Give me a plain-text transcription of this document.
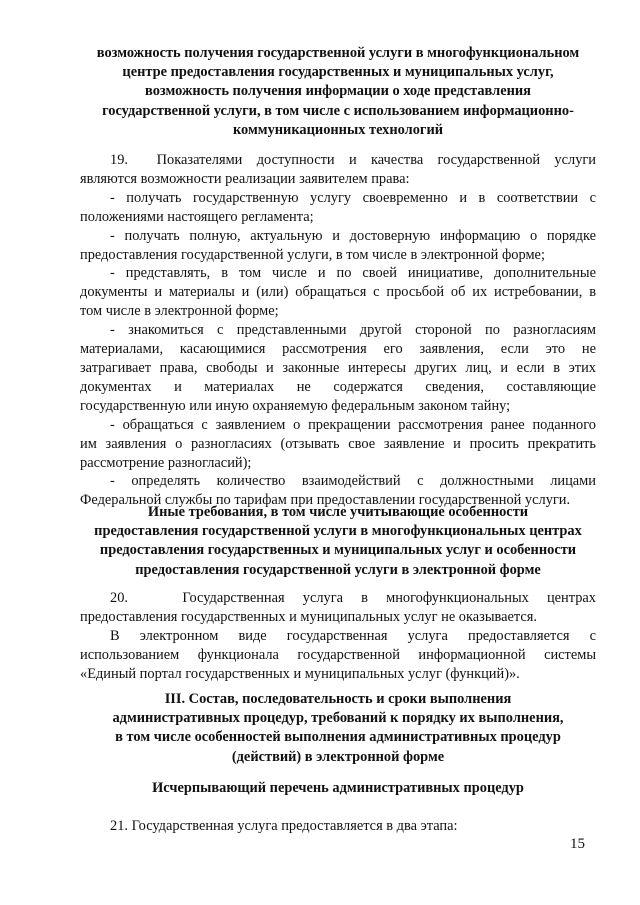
возможность получения государственной услуги в многофункциональном
центре предоставления государственных и муниципальных услуг,
возможность получения информации о ходе представления
государственной услуги, в том числе с использованием информационно-
коммуникационных технологий
19.  Показателями доступности и качества государственной услуги
являются возможности реализации заявителем права:
- получать государственную услугу своевременно и в соответствии с
положениями настоящего регламента;
- получать полную, актуальную и достоверную информацию о порядке
предоставления государственной услуги, в том числе в электронной форме;
- представлять, в том числе и по своей инициативе, дополнительные
документы и материалы и (или) обращаться с просьбой об их истребовании, в
том числе в электронной форме;
- знакомиться с представленными другой стороной по разногласиям
материалами, касающимися рассмотрения его заявления, если это не
затрагивает права, свободы и законные интересы других лиц, и если в этих
документах и материалах не содержатся сведения, составляющие
государственную или иную охраняемую федеральным законом тайну;
- обращаться с заявлением о прекращении рассмотрения ранее поданного
им заявления о разногласиях (отзывать свое заявление и просить прекратить
рассмотрение разногласий);
- определять количество взаимодействий с должностными лицами
Федеральной службы по тарифам при предоставлении государственной услуги.
Иные требования, в том числе учитывающие особенности
предоставления государственной услуги в многофункциональных центрах
предоставления государственных и муниципальных услуг и особенности
предоставления государственной услуги в электронной форме
20.   Государственная услуга в многофункциональных центрах
предоставления государственных и муниципальных услуг не оказывается.
В электронном виде государственная услуга предоставляется с
использованием функционала государственной информационной системы
«Единый портал государственных и муниципальных услуг (функций)».
III. Состав, последовательность и сроки выполнения
административных процедур, требований к порядку их выполнения,
в том числе особенностей выполнения административных процедур
(действий) в электронной форме
Исчерпывающий перечень административных процедур
21. Государственная услуга предоставляется в два этапа:
15
